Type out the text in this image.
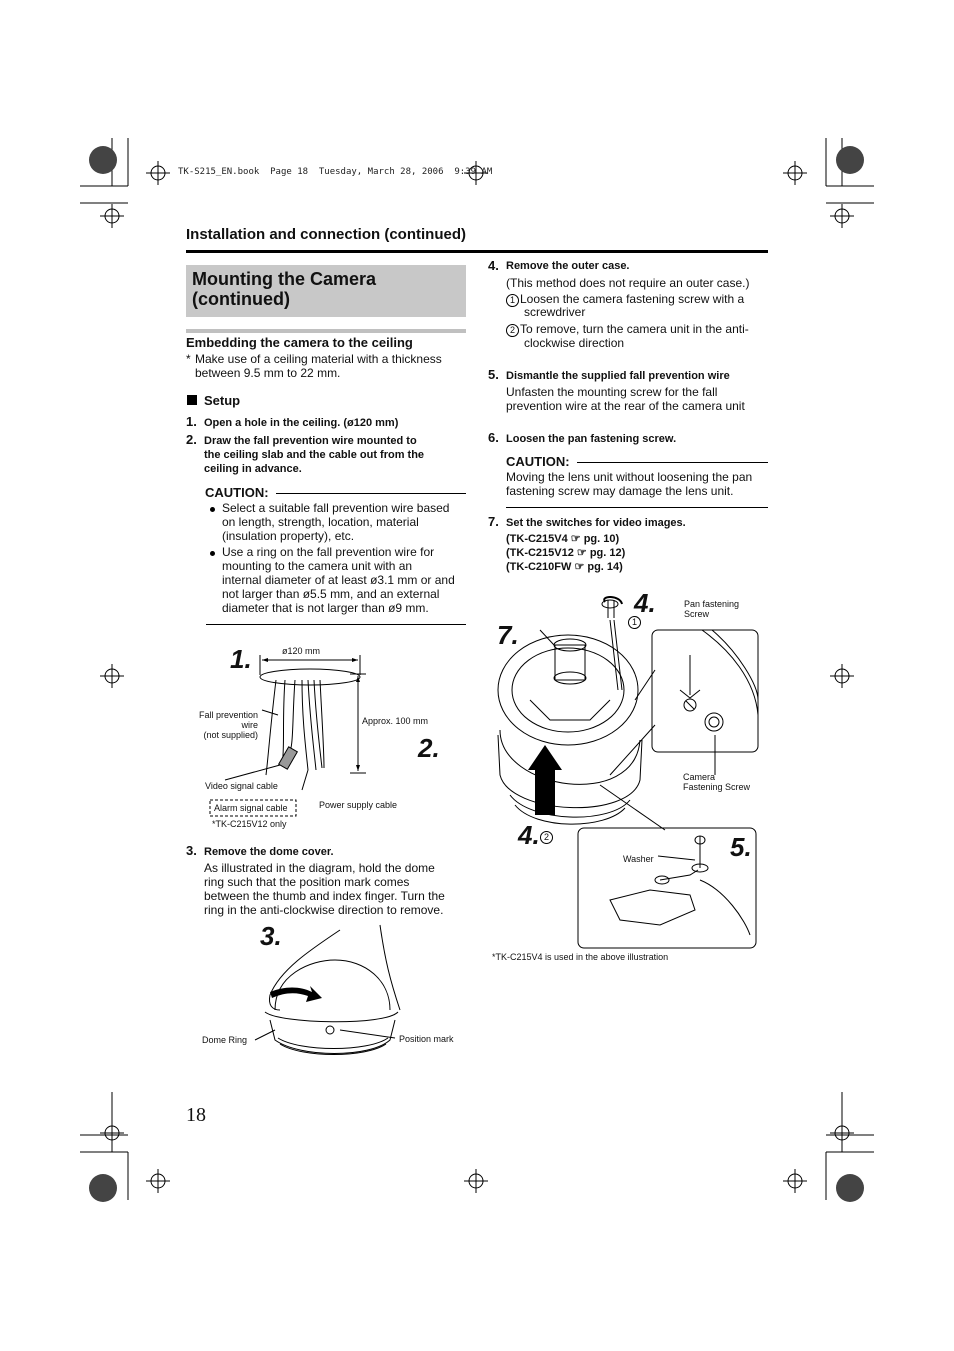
TK-S215_EN.book  Page 18  Tuesday, March 28, 2006  9:39 AM
Installation and connection (continued)
Mounting the Camera
(continued)
Embedding the camera to the ceiling
* Make use of a ceiling material with a thickness
between 9.5 mm to 22 mm.
Setup
1. Open a hole in the ceiling. (ø120 mm)
2. Draw the fall prevention wire mounted to
the ceiling slab and the cable out from the
ceiling in advance.
CAUTION:
Select a suitable fall prevention wire based
on length, strength, location, material
(insulation property), etc.
Use a ring on the fall prevention wire for
mounting to the camera unit with an
internal diameter of at least ø3.1 mm or and
not larger than ø5.5 mm, and an external
diameter that is not larger than ø9 mm.
1.
2.
ø120 mm
Approx. 100 mm
Fall prevention
wire
(not supplied)
Video signal cable
Power supply cable
Alarm signal cable
*TK-C215V12 only
3. Remove the dome cover.
As illustrated in the diagram, hold the dome
ring such that the position mark comes
between the thumb and index finger. Turn the
ring in the anti-clockwise direction to remove.
3.
Dome Ring	Position mark
4. Remove the outer case.
(This method does not require an outer case.)
1 Loosen the camera fastening screw with a
screwdriver
2 To remove, turn the camera unit in the anti-
clockwise direction
5. Dismantle the supplied fall prevention wire
Unfasten the mounting screw for the fall
prevention wire at the rear of the camera unit
6. Loosen the pan fastening screw.
CAUTION:
Moving the lens unit without loosening the pan
fastening screw may damage the lens unit.
7. Set the switches for video images.
(TK-C215V4 ☞ pg. 10)
(TK-C215V12 ☞ pg. 12)
(TK-C210FW ☞ pg. 14)
7.
4.
1
4. 2	5.
Pan fastening
Screw
Camera
Fastening Screw
Washer
*TK-C215V4 is used in the above illustration
18
